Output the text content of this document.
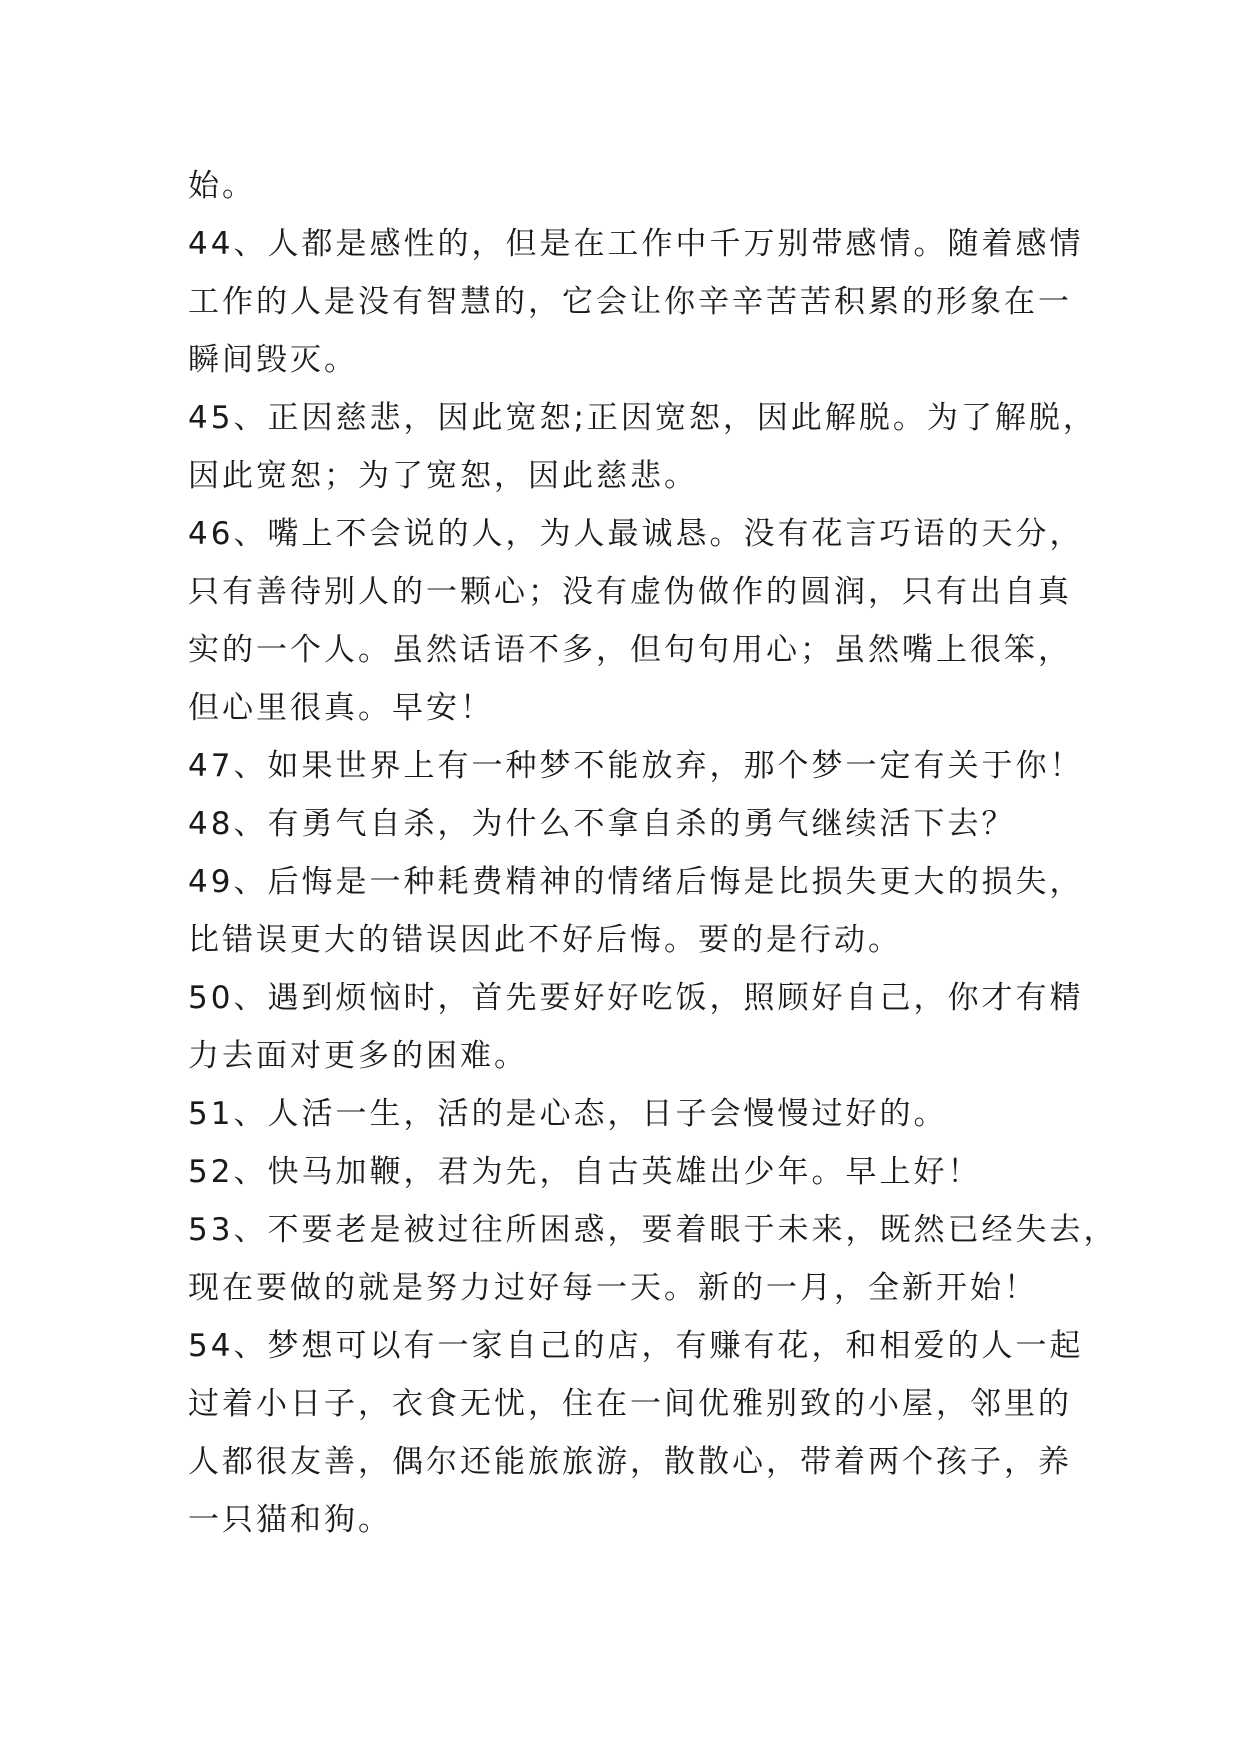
始。
44、人都是感性的，但是在工作中千万别带感情。随着感情
工作的人是没有智慧的，它会让你辛辛苦苦积累的形象在一
瞬间毁灭。
45、正因慈悲，因此宽恕;正因宽恕，因此解脱。为了解脱，
因此宽恕；为了宽恕，因此慈悲。
46、嘴上不会说的人，为人最诚恳。没有花言巧语的天分，
只有善待别人的一颗心；没有虚伪做作的圆润，只有出自真
实的一个人。虽然话语不多，但句句用心；虽然嘴上很笨，
但心里很真。早安！
47、如果世界上有一种梦不能放弃，那个梦一定有关于你！
48、有勇气自杀，为什么不拿自杀的勇气继续活下去？
49、后悔是一种耗费精神的情绪后悔是比损失更大的损失，
比错误更大的错误因此不好后悔。要的是行动。
50、遇到烦恼时，首先要好好吃饭，照顾好自己，你才有精
力去面对更多的困难。
51、人活一生，活的是心态，日子会慢慢过好的。
52、快马加鞭，君为先，自古英雄出少年。早上好！
53、不要老是被过往所困惑，要着眼于未来，既然已经失去，
现在要做的就是努力过好每一天。新的一月，全新开始！
54、梦想可以有一家自己的店，有赚有花，和相爱的人一起
过着小日子，衣食无忧，住在一间优雅别致的小屋，邻里的
人都很友善，偶尔还能旅旅游，散散心，带着两个孩子，养
一只猫和狗。
